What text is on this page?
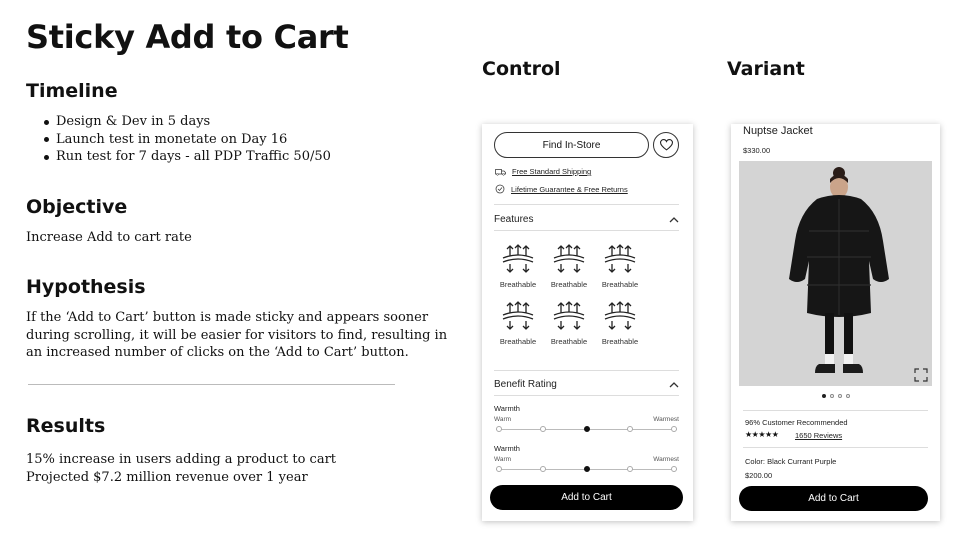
Sticky Add to Cart
Timeline
Design & Dev in 5 days
Launch test in monetate on Day 16
Run test for 7 days - all PDP Traffic 50/50
Objective
Increase Add to cart rate
Hypothesis
If the ‘Add to Cart’ button is made sticky and appears sooner
during scrolling, it will be easier for visitors to find, resulting in
an increased number of clicks on the ‘Add to Cart’ button.
Results
15% increase in users adding a product to cart
Projected $7.2 million revenue over 1 year
Control	Variant
Find In-Store
Free Standard Shipping
Lifetime Guarantee & Free Returns
Features
Breathable	Breathable	Breathable
Breathable	Breathable	Breathable
Benefit Rating
Warmth
Warm	Warmest
Warmth
Warm	Warmest
Add to Cart
Nuptse Jacket
$330.00
96% Customer Recommended
★★★★★ 1650 Reviews
Color: Black Currant Purple
$200.00
Add to Cart
